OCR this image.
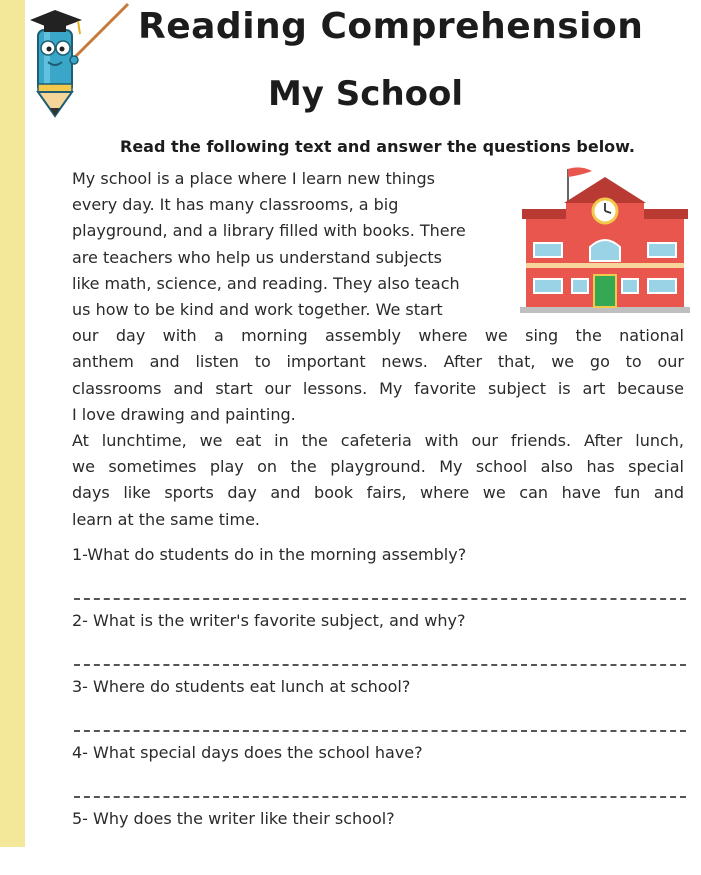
Reading Comprehension
My School

Read the following text and answer the questions below.

My school is a place where I learn new things
every day. It has many classrooms, a big
playground, and a library filled with books. There
are teachers who help us understand subjects
like math, science, and reading. They also teach
us how to be kind and work together. We start
our day with a morning assembly where we sing the national
anthem and listen to important news. After that, we go to our
classrooms and start our lessons. My favorite subject is art because
I love drawing and painting.
At lunchtime, we eat in the cafeteria with our friends. After lunch,
we sometimes play on the playground. My school also has special
days like sports day and book fairs, where we can have fun and
learn at the same time.
1-What do students do in the morning assembly?
2- What is the writer's favorite subject, and why?
3- Where do students eat lunch at school?
4- What special days does the school have?
5- Why does the writer like their school?
